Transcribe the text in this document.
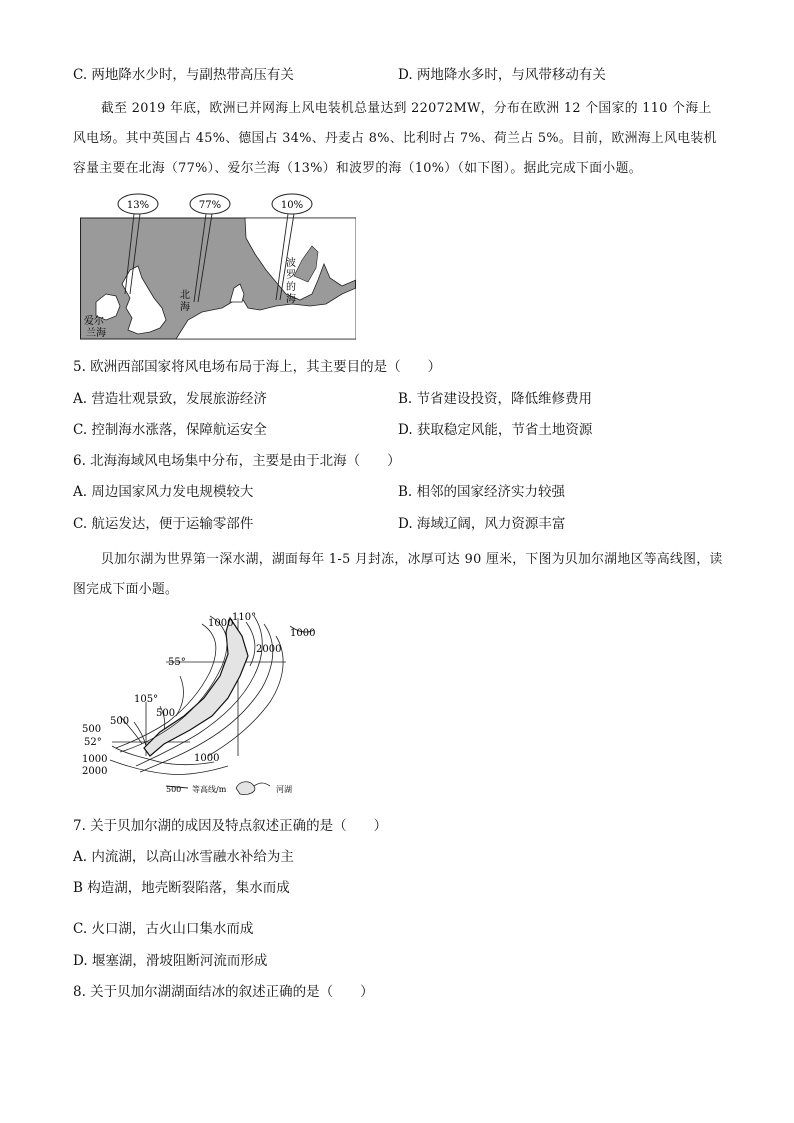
C. 两地降水少时，与副热带高压有关	D. 两地降水多时，与风带移动有关
截至 2019 年底，欧洲已并网海上风电装机总量达到 22072MW，分布在欧洲 12 个国家的 110 个海上风电场。其中英国占 45%、德国占 34%、丹麦占 8%、比利时占 7%、荷兰占 5%。目前，欧洲海上风电装机容量主要在北海（77%）、爱尔兰海（13%）和波罗的海（10%）（如下图）。据此完成下面小题。
13%	77%	10%
北
海
爱尔
兰海
波
罗
的
海
5. 欧洲西部国家将风电场布局于海上，其主要目的是（　　）
A. 营造壮观景致，发展旅游经济	B. 节省建设投资，降低维修费用
C. 控制海水涨落，保障航运安全	D. 获取稳定风能，节省土地资源
6. 北海海域风电场集中分布，主要是由于北海（　　）
A. 周边国家风力发电规模较大	B. 相邻的国家经济实力较强
C. 航运发达，便于运输零部件	D. 海域辽阔，风力资源丰富
贝加尔湖为世界第一深水湖，湖面每年 1-5 月封冻，冰厚可达 90 厘米，下图为贝加尔湖地区等高线图，读图完成下面小题。
110°
105°
55°
52°
1000
1000
2000
500
500
500
1000
2000
1000
500 等高线/m	河湖
7. 关于贝加尔湖的成因及特点叙述正确的是（　　）
A. 内流湖，以高山冰雪融水补给为主
B 构造湖，地壳断裂陷落，集水而成
C. 火口湖，古火山口集水而成
D. 堰塞湖，滑坡阻断河流而形成
8. 关于贝加尔湖湖面结冰的叙述正确的是（　　）
